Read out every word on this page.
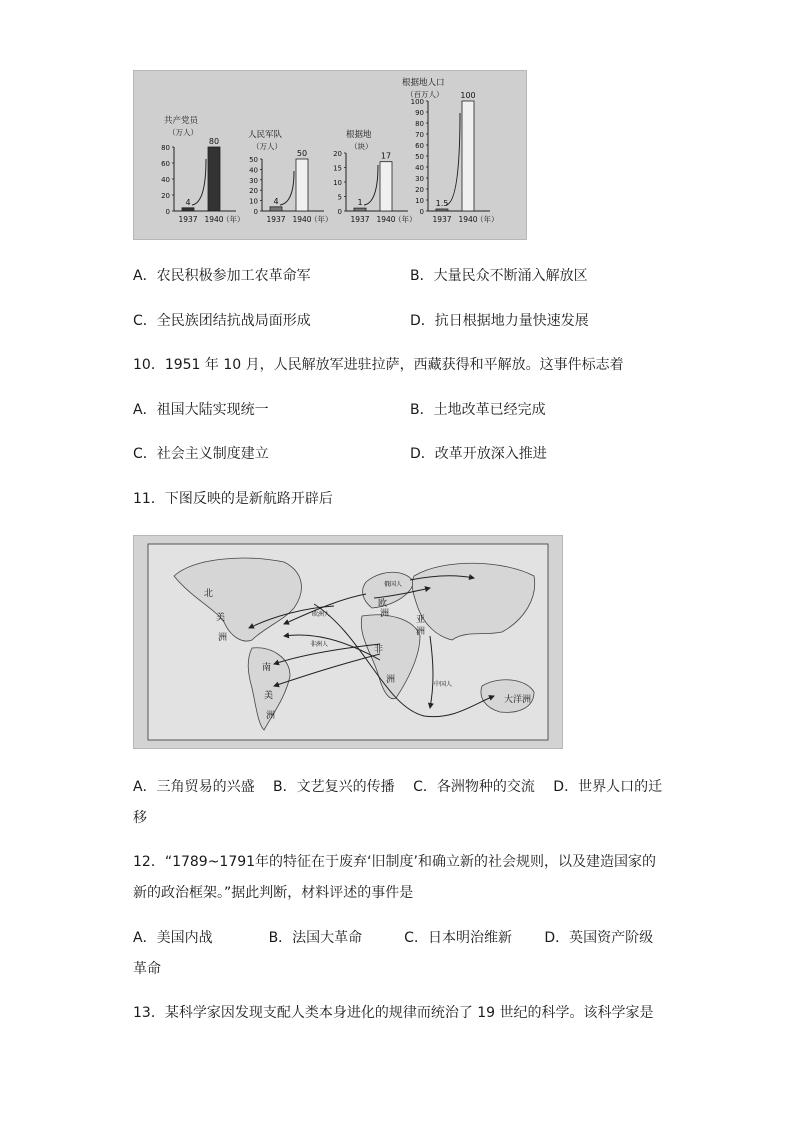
共产党员
（万人）
0
20
40
60
80
4
1937
80
1940
（年）
人民军队
（万人）
0
10
20
30
40
50
4
1937
50
1940
（年）
根据地
（块）
0
5
10
15
20
1
1937
17
1940
（年）
根据地人口
（百万人）
0
10
20
30
40
50
60
70
80
90
100
1.5
1937
100
1940
（年）
A．农民积极参加工农革命军	B．大量民众不断涌入解放区
C．全民族团结抗战局面形成	D．抗日根据地力量快速发展
10．1951 年 10 月，人民解放军进驻拉萨，西藏获得和平解放。这事件标志着
A．祖国大陆实现统一	B．土地改革已经完成
C．社会主义制度建立	D．改革开放深入推进
11．下图反映的是新航路开辟后
北
美
洲
欧
洲
亚
洲
非
洲
南
美
洲
大洋洲
俄国人
欧洲人
非洲人
中国人
A．三角贸易的兴盛　 B．文艺复兴的传播　 C．各洲物种的交流　 D．世界人口的迁
移
12．“1789~1791年的特征在于废弃‘旧制度’和确立新的社会规则，以及建造国家的
新的政治框架。”据此判断，材料评述的事件是
A．美国内战　　　　B．法国大革命　　　C．日本明治维新　　 D．英国资产阶级
革命
13．某科学家因发现支配人类本身进化的规律而统治了 19 世纪的科学。该科学家是
